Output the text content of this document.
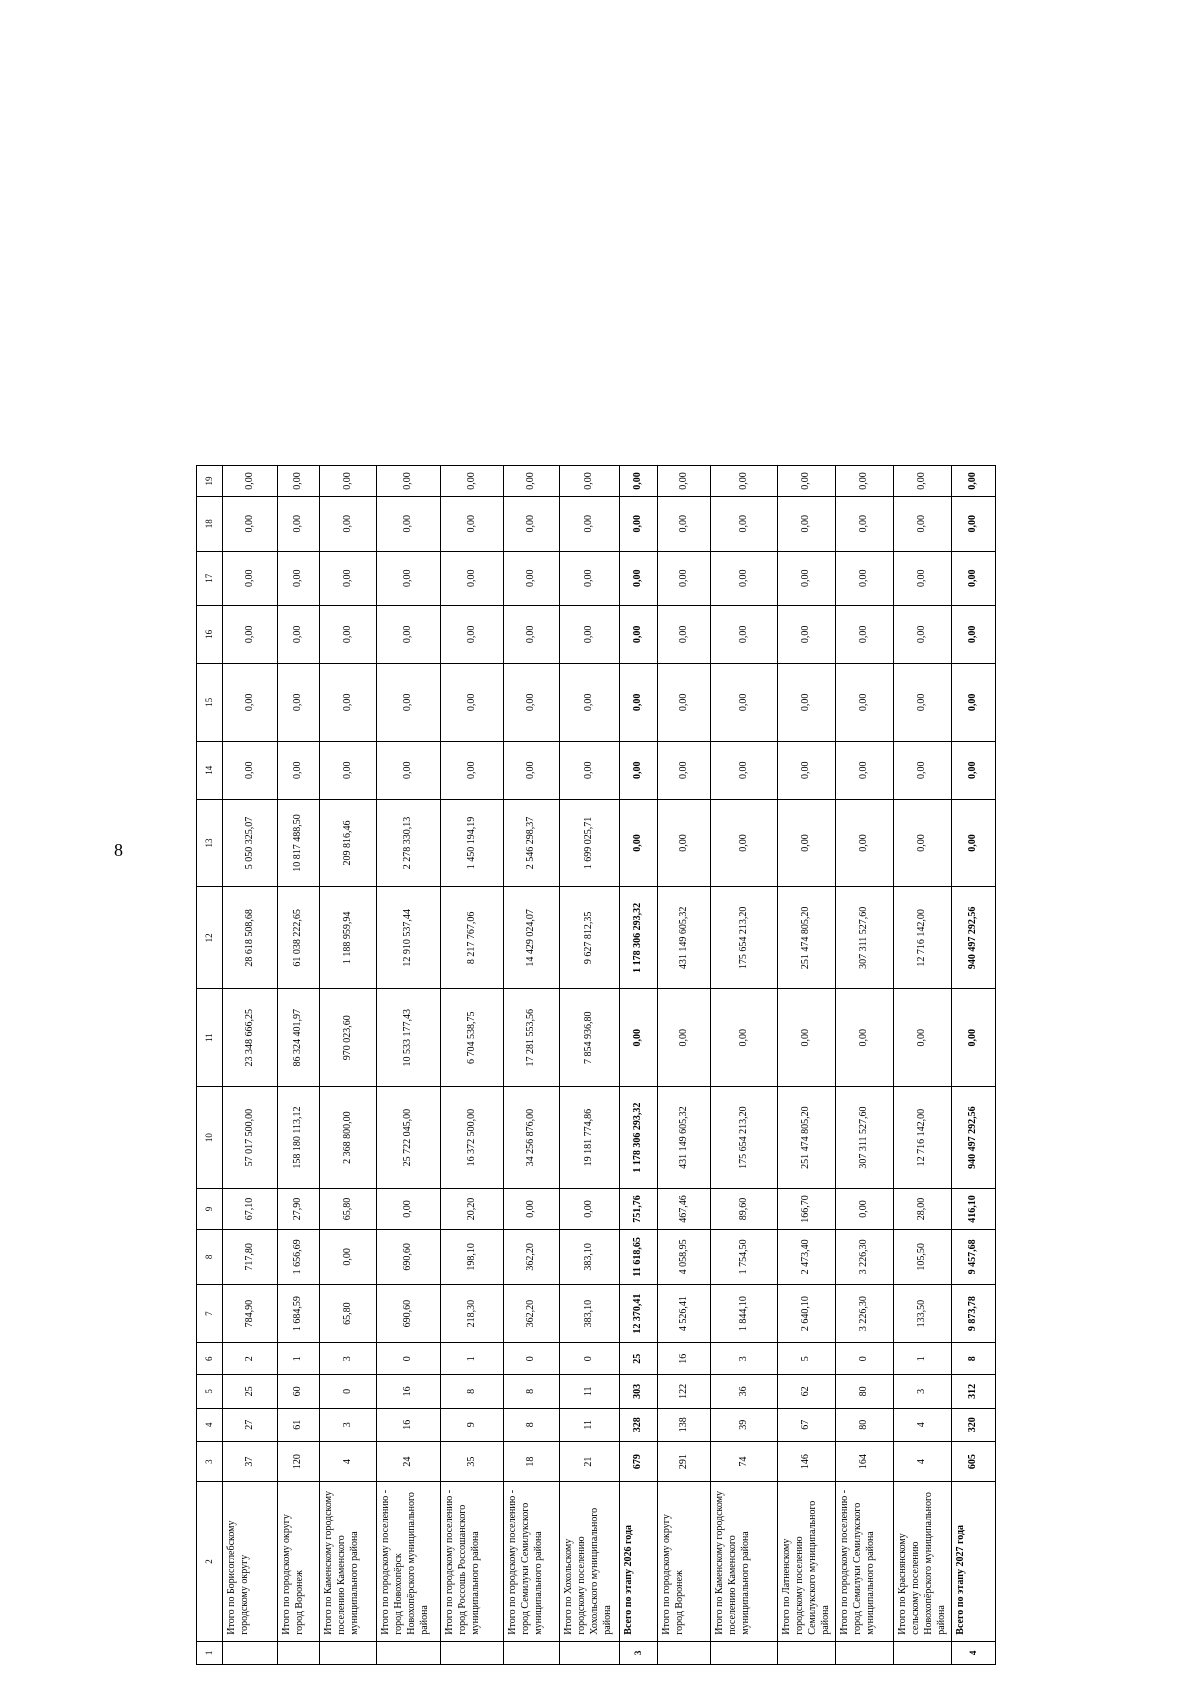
8
1	2	3	4	5	6	7	8	9	10	11	12	13	14	15	16	17	18	19
	Итого по Борисоглебскому городскому округу	37	27	25	2	784,90	717,80	67,10	57 017 500,00	23 348 666,25	28 618 508,68	5 050 325,07	0,00	0,00	0,00	0,00	0,00	0,00
	Итого по городскому округу город Воронеж	120	61	60	1	1 684,59	1 656,69	27,90	158 180 113,12	86 324 401,97	61 038 222,65	10 817 488,50	0,00	0,00	0,00	0,00	0,00	0,00
	Итого по Каменскому городскому поселению Каменского муниципального района	4	3	0	3	65,80	0,00	65,80	2 368 800,00	970 023,60	1 188 959,94	209 816,46	0,00	0,00	0,00	0,00	0,00	0,00
	Итого по городскому поселению - город Новохопёрск Новохопёрского муниципального района	24	16	16	0	690,60	690,60	0,00	25 722 045,00	10 533 177,43	12 910 537,44	2 278 330,13	0,00	0,00	0,00	0,00	0,00	0,00
	Итого по городскому поселению - город Россошь Россошанского муниципального района	35	9	8	1	218,30	198,10	20,20	16 372 500,00	6 704 538,75	8 217 767,06	1 450 194,19	0,00	0,00	0,00	0,00	0,00	0,00
	Итого по городскому поселению - город Семилуки Семилукского муниципального района	18	8	8	0	362,20	362,20	0,00	34 256 876,00	17 281 553,56	14 429 024,07	2 546 298,37	0,00	0,00	0,00	0,00	0,00	0,00
	Итого по Хохольскому городскому поселению Хохольского муниципального района	21	11	11	0	383,10	383,10	0,00	19 181 774,86	7 854 936,80	9 627 812,35	1 699 025,71	0,00	0,00	0,00	0,00	0,00	0,00
3	Всего по этапу 2026 года	679	328	303	25	12 370,41	11 618,65	751,76	1 178 306 293,32	0,00	1 178 306 293,32	0,00	0,00	0,00	0,00	0,00	0,00	0,00
	Итого по городскому округу город Воронеж	291	138	122	16	4 526,41	4 058,95	467,46	431 149 605,32	0,00	431 149 605,32	0,00	0,00	0,00	0,00	0,00	0,00	0,00
	Итого по Каменскому городскому поселению Каменского муниципального района	74	39	36	3	1 844,10	1 754,50	89,60	175 654 213,20	0,00	175 654 213,20	0,00	0,00	0,00	0,00	0,00	0,00	0,00
	Итого по Латненскому городскому поселению Семилукского муниципального района	146	67	62	5	2 640,10	2 473,40	166,70	251 474 805,20	0,00	251 474 805,20	0,00	0,00	0,00	0,00	0,00	0,00	0,00
	Итого по городскому поселению - город Семилуки Семилукского муниципального района	164	80	80	0	3 226,30	3 226,30	0,00	307 311 527,60	0,00	307 311 527,60	0,00	0,00	0,00	0,00	0,00	0,00	0,00
	Итого по Краснянскому сельскому поселению Новохопёрского муниципального района	4	4	3	1	133,50	105,50	28,00	12 716 142,00	0,00	12 716 142,00	0,00	0,00	0,00	0,00	0,00	0,00	0,00
4	Всего по этапу 2027 года	605	320	312	8	9 873,78	9 457,68	416,10	940 497 292,56	0,00	940 497 292,56	0,00	0,00	0,00	0,00	0,00	0,00	0,00
